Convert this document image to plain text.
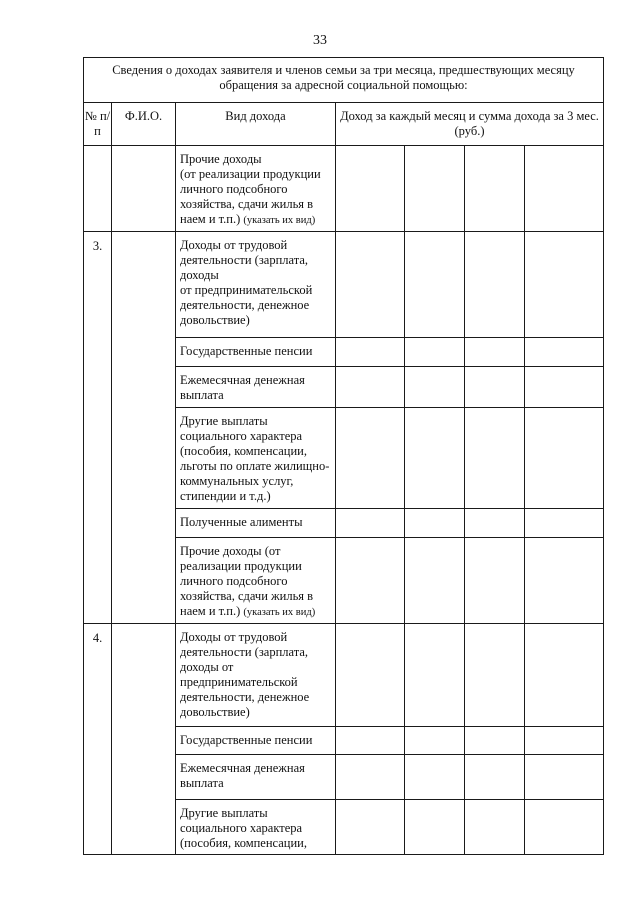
33
Сведения о доходах заявителя и членов семьи за три месяца, предшествующих месяцу обращения за адресной социальной помощью:						
№ п/п	Ф.И.О.	Вид дохода	Доход за каждый месяц и сумма дохода за 3 мес. (руб.)			
		Прочие доходы
(от реализации продукции личного подсобного хозяйства, сдачи жилья в наем и т.п.) (указать их вид)				
3.		Доходы от трудовой деятельности (зарплата, доходы
от предпринимательской деятельности, денежное довольствие)				
		Государственные пенсии				
		Ежемесячная денежная выплата				
		Другие выплаты социального характера (пособия, компенсации, льготы по оплате жилищно-коммунальных услуг, стипендии и т.д.)				
		Полученные алименты				
		Прочие доходы (от реализации продукции личного подсобного хозяйства, сдачи жилья в наем и т.п.) (указать их вид)				
4.		Доходы от трудовой деятельности (зарплата, доходы от предпринимательской деятельности, денежное довольствие)				
		Государственные пенсии				
		Ежемесячная денежная выплата				
		Другие выплаты социального характера (пособия, компенсации,				
